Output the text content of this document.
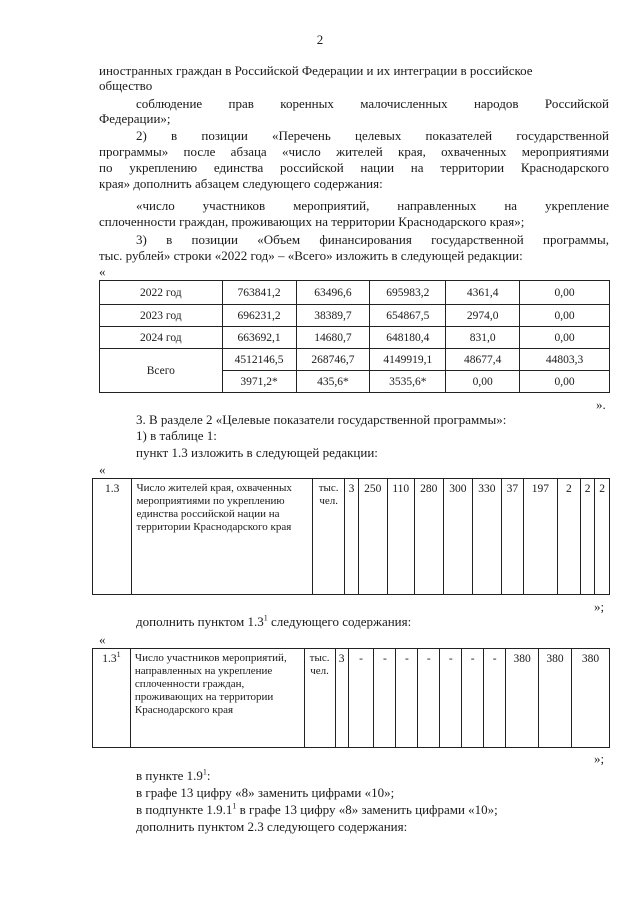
2
иностранных граждан в Российской Федерации и их интеграции в российское
общество
соблюдение прав коренных малочисленных народов Российской
Федерации»;
2) в позиции «Перечень целевых показателей государственной
программы» после абзаца «число жителей края, охваченных мероприятиями
по укреплению единства российской нации на территории Краснодарского
края» дополнить абзацем следующего содержания:
«число участников мероприятий, направленных на укрепление
сплоченности граждан, проживающих на территории Краснодарского края»;
3) в позиции «Объем финансирования государственной программы,
тыс. рублей» строки «2022 год» – «Всего» изложить в следующей редакции:
«
2022 год	763841,2	63496,6	695983,2	4361,4	0,00
2023 год	696231,2	38389,7	654867,5	2974,0	0,00
2024 год	663692,1	14680,7	648180,4	831,0	0,00
Всего	4512146,5	268746,7	4149919,1	48677,4	44803,3
	3971,2*	435,6*	3535,6*	0,00	0,00
».
3. В разделе 2 «Целевые показатели государственной программы»:
1) в таблице 1:
пункт 1.3 изложить в следующей редакции:
«
1.3	Число жителей края, охваченных мероприятиями по укреплению единства российской нации на территории Краснодарского края	тыс. чел.	3	250	110	280	300	330	37	197	2	2	2
»;
дополнить пунктом $1.3^1$ следующего содержания:
«
$1.3^1$	Число участников мероприятий, направленных на укрепление сплоченности граждан, проживающих на территории Краснодарского края	тыс. чел.	3	-	-	-	-	-	-	-	380	380	380
»;
в пункте $1.9^1$:
в графе 13 цифру «8» заменить цифрами «10»;
в подпункте 1.9.1$^1$ в графе 13 цифру «8» заменить цифрами «10»;
дополнить пунктом 2.3 следующего содержания:
